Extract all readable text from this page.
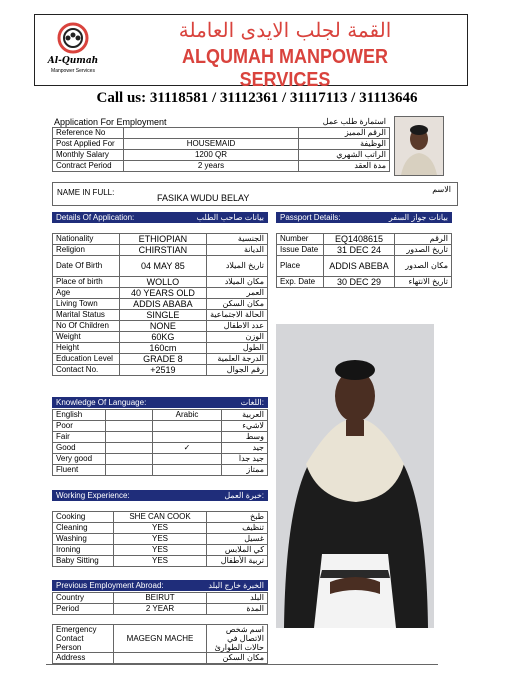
Al-Qumah
Manpower Services
القمة لجلب الايدى العاملة
ALQUMAH MANPOWER SERVICES
Call us: 31118581 / 31112361 / 31117113 / 31113646
Application For Employment	استمارة طلب عمل
Reference No		الرقم المميز
Post Applied For	HOUSEMAID	الوظيفة
Monthly Salary	1200 QR	الراتب الشهري
Contract Period	2 years	مدة العقد
NAME IN FULL:
FASIKA WUDU BELAY
الاسم
Details Of Application:	بيانات صاحب الطلب
Nationality	ETHIOPIAN	الجنسية
Religion	CHIRSTIAN	الديانة
Date Of Birth	04 MAY 85	تاريخ الميلاد
Place of birth	WOLLO	مكان الميلاد
Age	40 YEARS OLD	العمر
Living Town	ADDIS ABABA	مكان السكن
Marital Status	SINGLE	الحالة الاجتماعية
No Of Children	NONE	عدد الاطفال
Weight	60KG	الوزن
Height	160cm	الطول
Education Level	GRADE 8	الدرجة العلمية
Contact No.	+2519	رقم الجوال
Passport Details:	بيانات جواز السفر
Number	EQ1408615	الرقم
Issue Date	31 DEC 24	تاريخ الصدور
Place	ADDIS ABEBA	مكان الصدور
Exp. Date	30 DEC 29	تاريخ الانتهاء
Knowledge Of Language:	اللغات:
English		Arabic	العربية
Poor			لاشيء
Fair			وسط
Good		✓	جيد
Very good			جيد جداً
Fluent			ممتاز
Working Experience:	خبرة العمل:
Cooking	SHE CAN COOK	طبخ
Cleaning	YES	تنظيف
Washing	YES	غسيل
Ironing	YES	كي الملابس
Baby Sitting	YES	تربية الأطفال
Previous Employment Abroad:	الخبرة خارج البلد
Country	BEIRUT	البلد
Period	2 YEAR	المدة
Emergency Contact Person	MAGEGN MACHE	اسم شخص الاتصال في حالات الطوارئ
Address		مكان السكن
